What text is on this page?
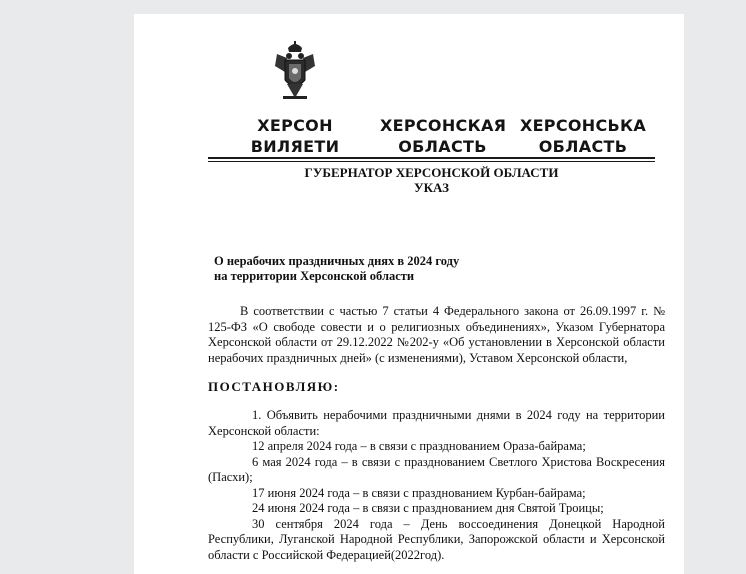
ХЕРСОН
ВИЛЯЕТИ
ХЕРСОНСКАЯ
ОБЛАСТЬ
ХЕРСОНСЬКА
ОБЛАСТЬ
ГУБЕРНАТОР ХЕРСОНСКОЙ ОБЛАСТИ
УКАЗ
О нерабочих праздничных днях в 2024 году
на территории Херсонской области
В соответствии с частью 7 статьи 4 Федерального закона от 26.09.1997 г. № 125-ФЗ «О свободе совести и о религиозных объединениях», Указом Губернатора Херсонской области от 29.12.2022 №202-у «Об установлении в Херсонской области нерабочих праздничных дней» (с изменениями), Уставом Херсонской области,
ПОСТАНОВЛЯЮ:
1. Объявить нерабочими праздничными днями в 2024 году на территории Херсонской области:
12 апреля 2024 года – в связи с празднованием Ораза-байрама;
6 мая 2024 года – в связи с празднованием Светлого Христова Воскресения (Пасхи);
17 июня 2024 года – в связи с празднованием Курбан-байрама;
24 июня 2024 года – в связи с празднованием дня Святой Троицы;
30 сентября 2024 года – День воссоединения Донецкой Народной Республики, Луганской Народной Республики, Запорожской области и Херсонской области с Российской Федерацией(2022год).
